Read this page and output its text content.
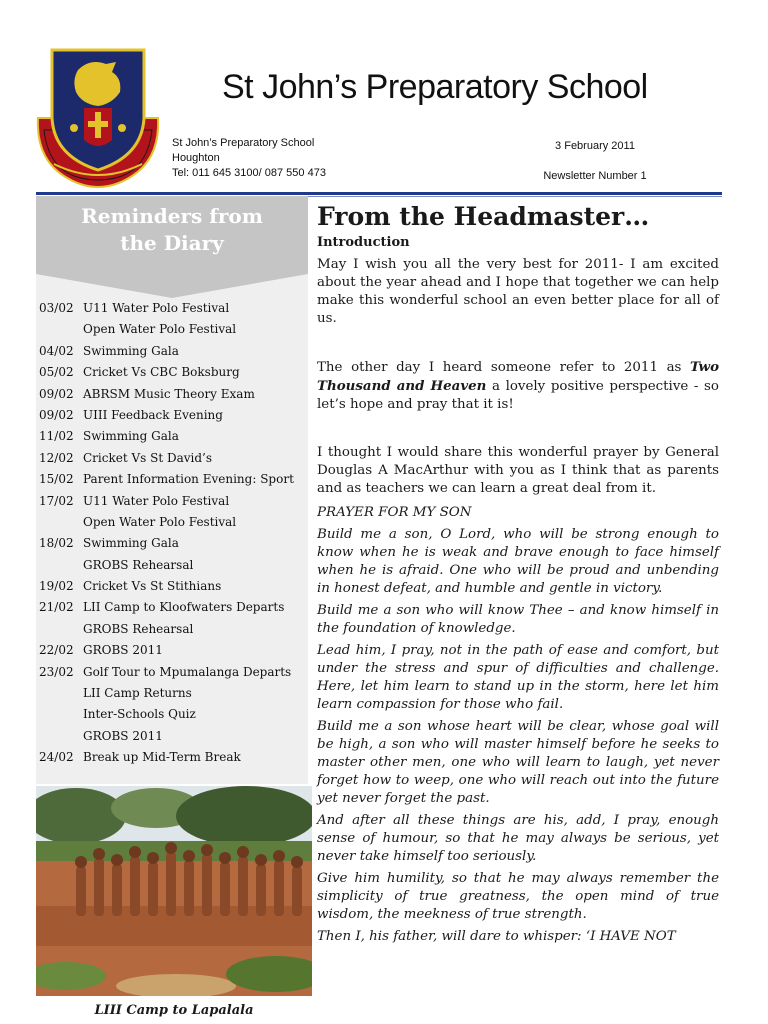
St John’s Preparatory School
St John’s Preparatory School
Houghton
Tel: 011 645 3100/ 087 550 473
3 February 2011
Newsletter Number 1
Reminders from
the Diary
03/02 U11 Water Polo Festival
Open Water Polo Festival
04/02 Swimming Gala
05/02 Cricket Vs CBC Boksburg
09/02 ABRSM Music Theory Exam
09/02 UIII Feedback Evening
11/02 Swimming Gala
12/02 Cricket Vs St David’s
15/02 Parent Information Evening: Sport
17/02 U11 Water Polo Festival
Open Water Polo Festival
18/02 Swimming Gala
GROBS Rehearsal
19/02 Cricket Vs St Stithians
21/02 LII Camp to Kloofwaters Departs
GROBS Rehearsal
22/02 GROBS 2011
23/02 Golf Tour to Mpumalanga Departs
LII Camp Returns
Inter-Schools Quiz
GROBS 2011
24/02 Break up Mid-Term Break
LIII Camp to Lapalala
From the Headmaster…
Introduction

May I wish you all the very best for 2011- I am excited about the year ahead and I hope that together we can help make this wonderful school an even better place for all of us.

The other day I heard someone refer to 2011 as Two Thousand and Heaven a lovely positive perspective - so let’s hope and pray that it is!

I thought I would share this wonderful prayer by General Douglas A MacArthur with you as I think that as parents and as teachers we can learn a great deal from it.

PRAYER FOR MY SON

Build me a son, O Lord, who will be strong enough to know when he is weak and brave enough to face himself when he is afraid. One who will be proud and unbending in honest defeat, and humble and gentle in victory.

Build me a son who will know Thee – and know himself in the foundation of knowledge.

Lead him, I pray, not in the path of ease and comfort, but under the stress and spur of difficulties and challenge. Here, let him learn to stand up in the storm, here let him learn compassion for those who fail.

Build me a son whose heart will be clear, whose goal will be high, a son who will master himself before he seeks to master other men, one who will learn to laugh, yet never forget how to weep, one who will reach out into the future yet never forget the past.

And after all these things are his, add, I pray, enough sense of humour, so that he may always be serious, yet never take himself too seriously.

Give him humility, so that he may always remember the simplicity of true greatness, the open mind of true wisdom, the meekness of true strength.

Then I, his father, will dare to whisper: ‘I HAVE NOT
